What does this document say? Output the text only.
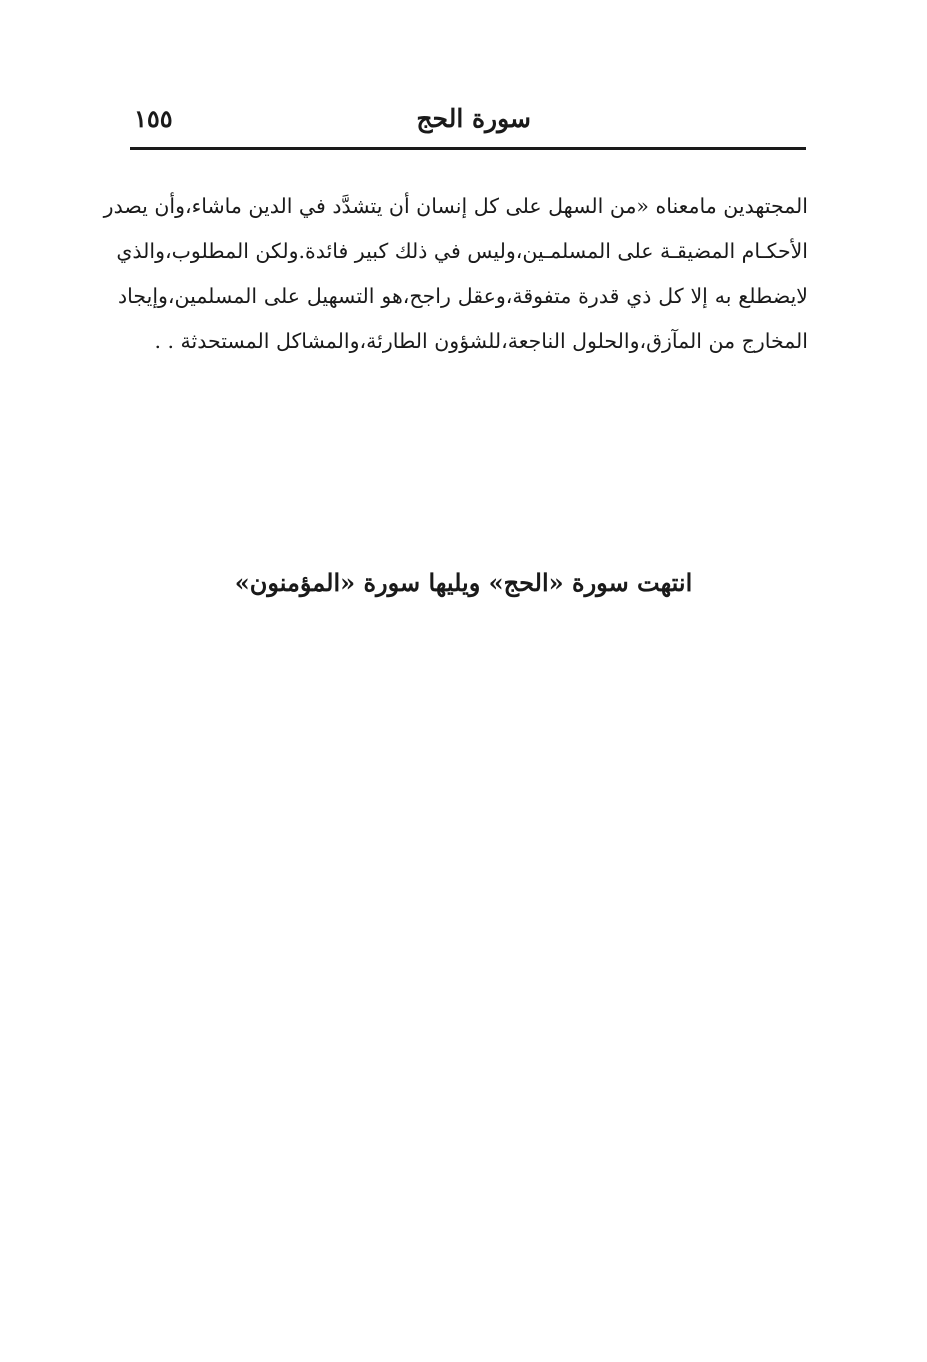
سورة الحج
١٥٥
المجتهدين مامعناه «من السهل على كل إنسان أن يتشدَّد في الدين ماشاء،وأن يصدر
الأحكـام المضيقـة على المسلمـين،وليس في ذلك كبير فائدة.ولكن المطلوب،والذي
لايضطلع به إلا كل ذي قدرة متفوقة،وعقل راجح،هو التسهيل على المسلمين،وإيجاد
المخارج من المآزق،والحلول الناجعة،للشؤون الطارئة،والمشاكل المستحدثة . .
انتهت سورة «الحج» ويليها سورة «المؤمنون»
